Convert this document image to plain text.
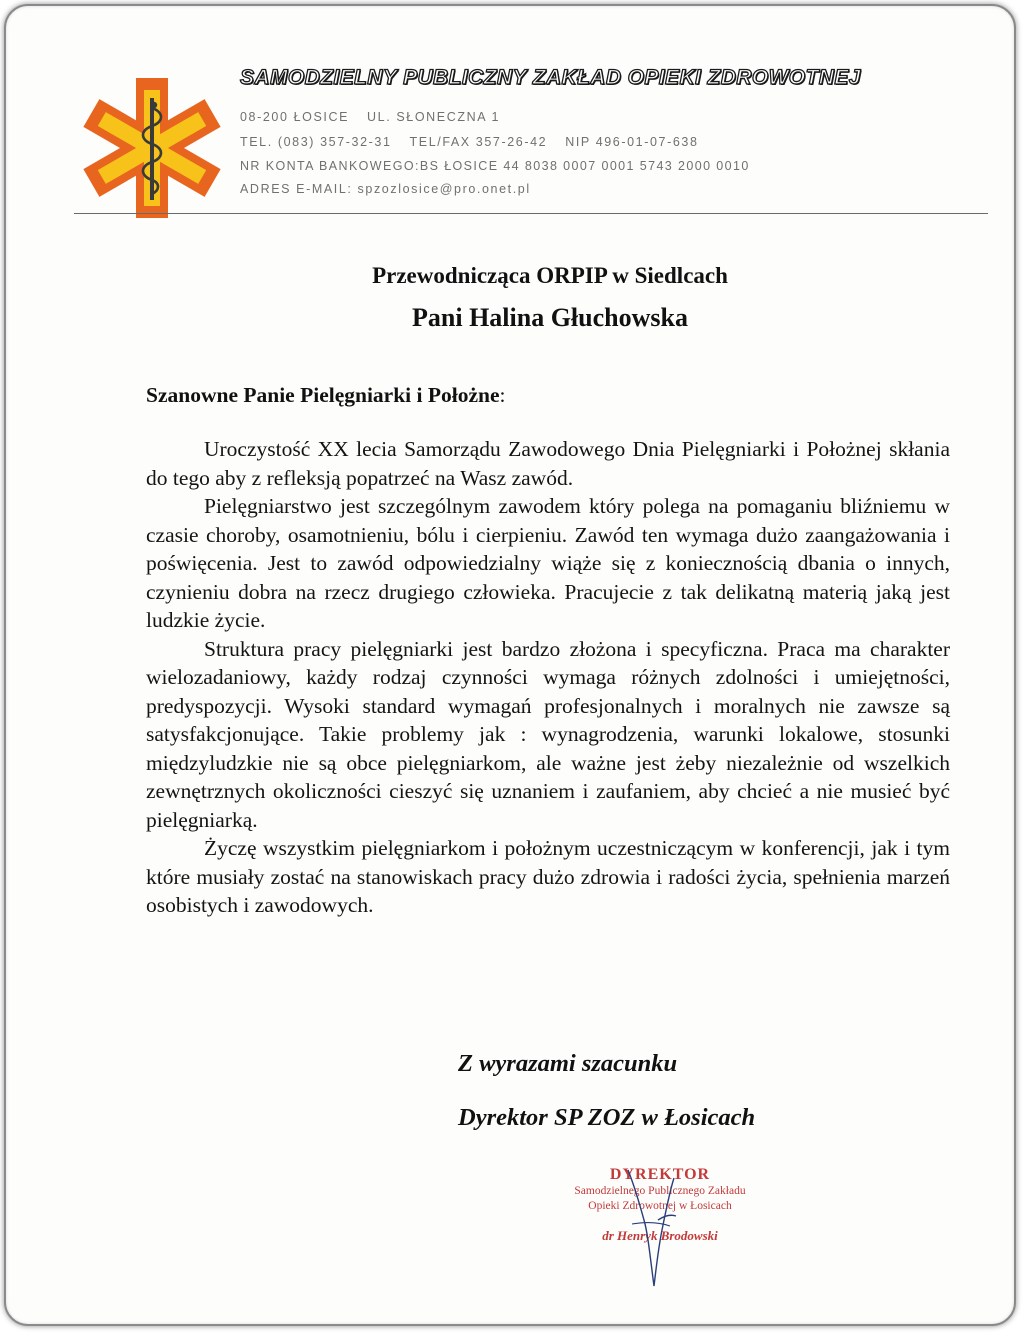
SAMODZIELNY PUBLICZNY ZAKŁAD OPIEKI ZDROWOTNEJ
08-200 ŁOSICE UL. SŁONECZNA 1
TEL. (083) 357-32-31 TEL/FAX 357-26-42 NIP 496-01-07-638
NR KONTA BANKOWEGO:BS ŁOSICE 44 8038 0007 0001 5743 2000 0010
ADRES E-MAIL: spzozlosice@pro.onet.pl
Przewodnicząca ORPIP w Siedlcach
Pani Halina Głuchowska
Szanowne Panie Pielęgniarki i Położne:

Uroczystość XX lecia Samorządu Zawodowego Dnia Pielęgniarki i Położnej skłania do tego aby z refleksją popatrzeć na Wasz zawód.

Pielęgniarstwo jest szczególnym zawodem który polega na pomaganiu bliźniemu w czasie choroby, osamotnieniu, bólu i cierpieniu. Zawód ten wymaga dużo zaangażowania i poświęcenia. Jest to zawód odpowiedzialny wiąże się z koniecznością dbania o innych, czynieniu dobra na rzecz drugiego człowieka. Pracujecie z tak delikatną materią jaką jest ludzkie życie.

Struktura pracy pielęgniarki jest bardzo złożona i specyficzna. Praca ma charakter wielozadaniowy, każdy rodzaj czynności wymaga różnych zdolności i umiejętności, predyspozycji. Wysoki standard wymagań profesjonalnych i moralnych nie zawsze są satysfakcjonujące. Takie problemy jak : wynagrodzenia, warunki lokalowe, stosunki międzyludzkie nie są obce pielęgniarkom, ale ważne jest żeby niezależnie od wszelkich zewnętrznych okoliczności cieszyć się uznaniem i zaufaniem, aby chcieć a nie musieć być pielęgniarką.

Życzę wszystkim pielęgniarkom i położnym uczestniczącym w konferencji, jak i tym które musiały zostać na stanowiskach pracy dużo zdrowia i radości życia, spełnienia marzeń osobistych i zawodowych.

Z wyrazami szacunku
Dyrektor SP ZOZ w Łosicach
DYREKTOR
Samodzielnego Publicznego Zakładu
Opieki Zdrowotnej w Łosicach
dr Henryk Brodowski
